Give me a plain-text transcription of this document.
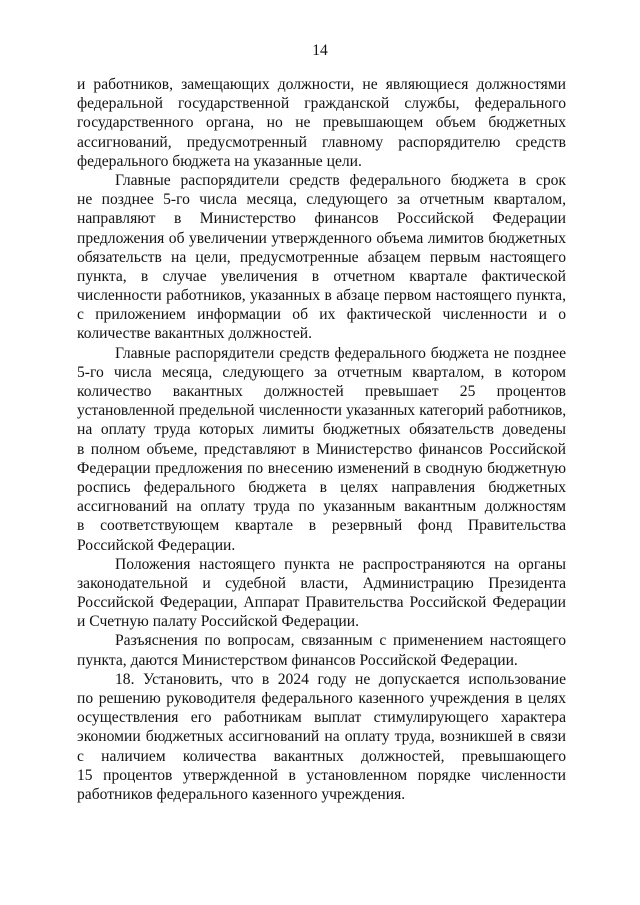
14
и работников, замещающих должности, не являющиеся должностями
федеральной государственной гражданской службы, федерального
государственного органа, но не превышающем объем бюджетных
ассигнований, предусмотренный главному распорядителю средств
федерального бюджета на указанные цели.
Главные распорядители средств федерального бюджета в срок
не позднее 5-го числа месяца, следующего за отчетным кварталом,
направляют в Министерство финансов Российской Федерации
предложения об увеличении утвержденного объема лимитов бюджетных
обязательств на цели, предусмотренные абзацем первым настоящего
пункта, в случае увеличения в отчетном квартале фактической
численности работников, указанных в абзаце первом настоящего пункта,
с приложением информации об их фактической численности и о
количестве вакантных должностей.
Главные распорядители средств федерального бюджета не позднее
5-го числа месяца, следующего за отчетным кварталом, в котором
количество вакантных должностей превышает 25 процентов
установленной предельной численности указанных категорий работников,
на оплату труда которых лимиты бюджетных обязательств доведены
в полном объеме, представляют в Министерство финансов Российской
Федерации предложения по внесению изменений в сводную бюджетную
роспись федерального бюджета в целях направления бюджетных
ассигнований на оплату труда по указанным вакантным должностям
в соответствующем квартале в резервный фонд Правительства
Российской Федерации.
Положения настоящего пункта не распространяются на органы
законодательной и судебной власти, Администрацию Президента
Российской Федерации, Аппарат Правительства Российской Федерации
и Счетную палату Российской Федерации.
Разъяснения по вопросам, связанным с применением настоящего
пункта, даются Министерством финансов Российской Федерации.
18. Установить, что в 2024 году не допускается использование
по решению руководителя федерального казенного учреждения в целях
осуществления его работникам выплат стимулирующего характера
экономии бюджетных ассигнований на оплату труда, возникшей в связи
с наличием количества вакантных должностей, превышающего
15 процентов утвержденной в установленном порядке численности
работников федерального казенного учреждения.
